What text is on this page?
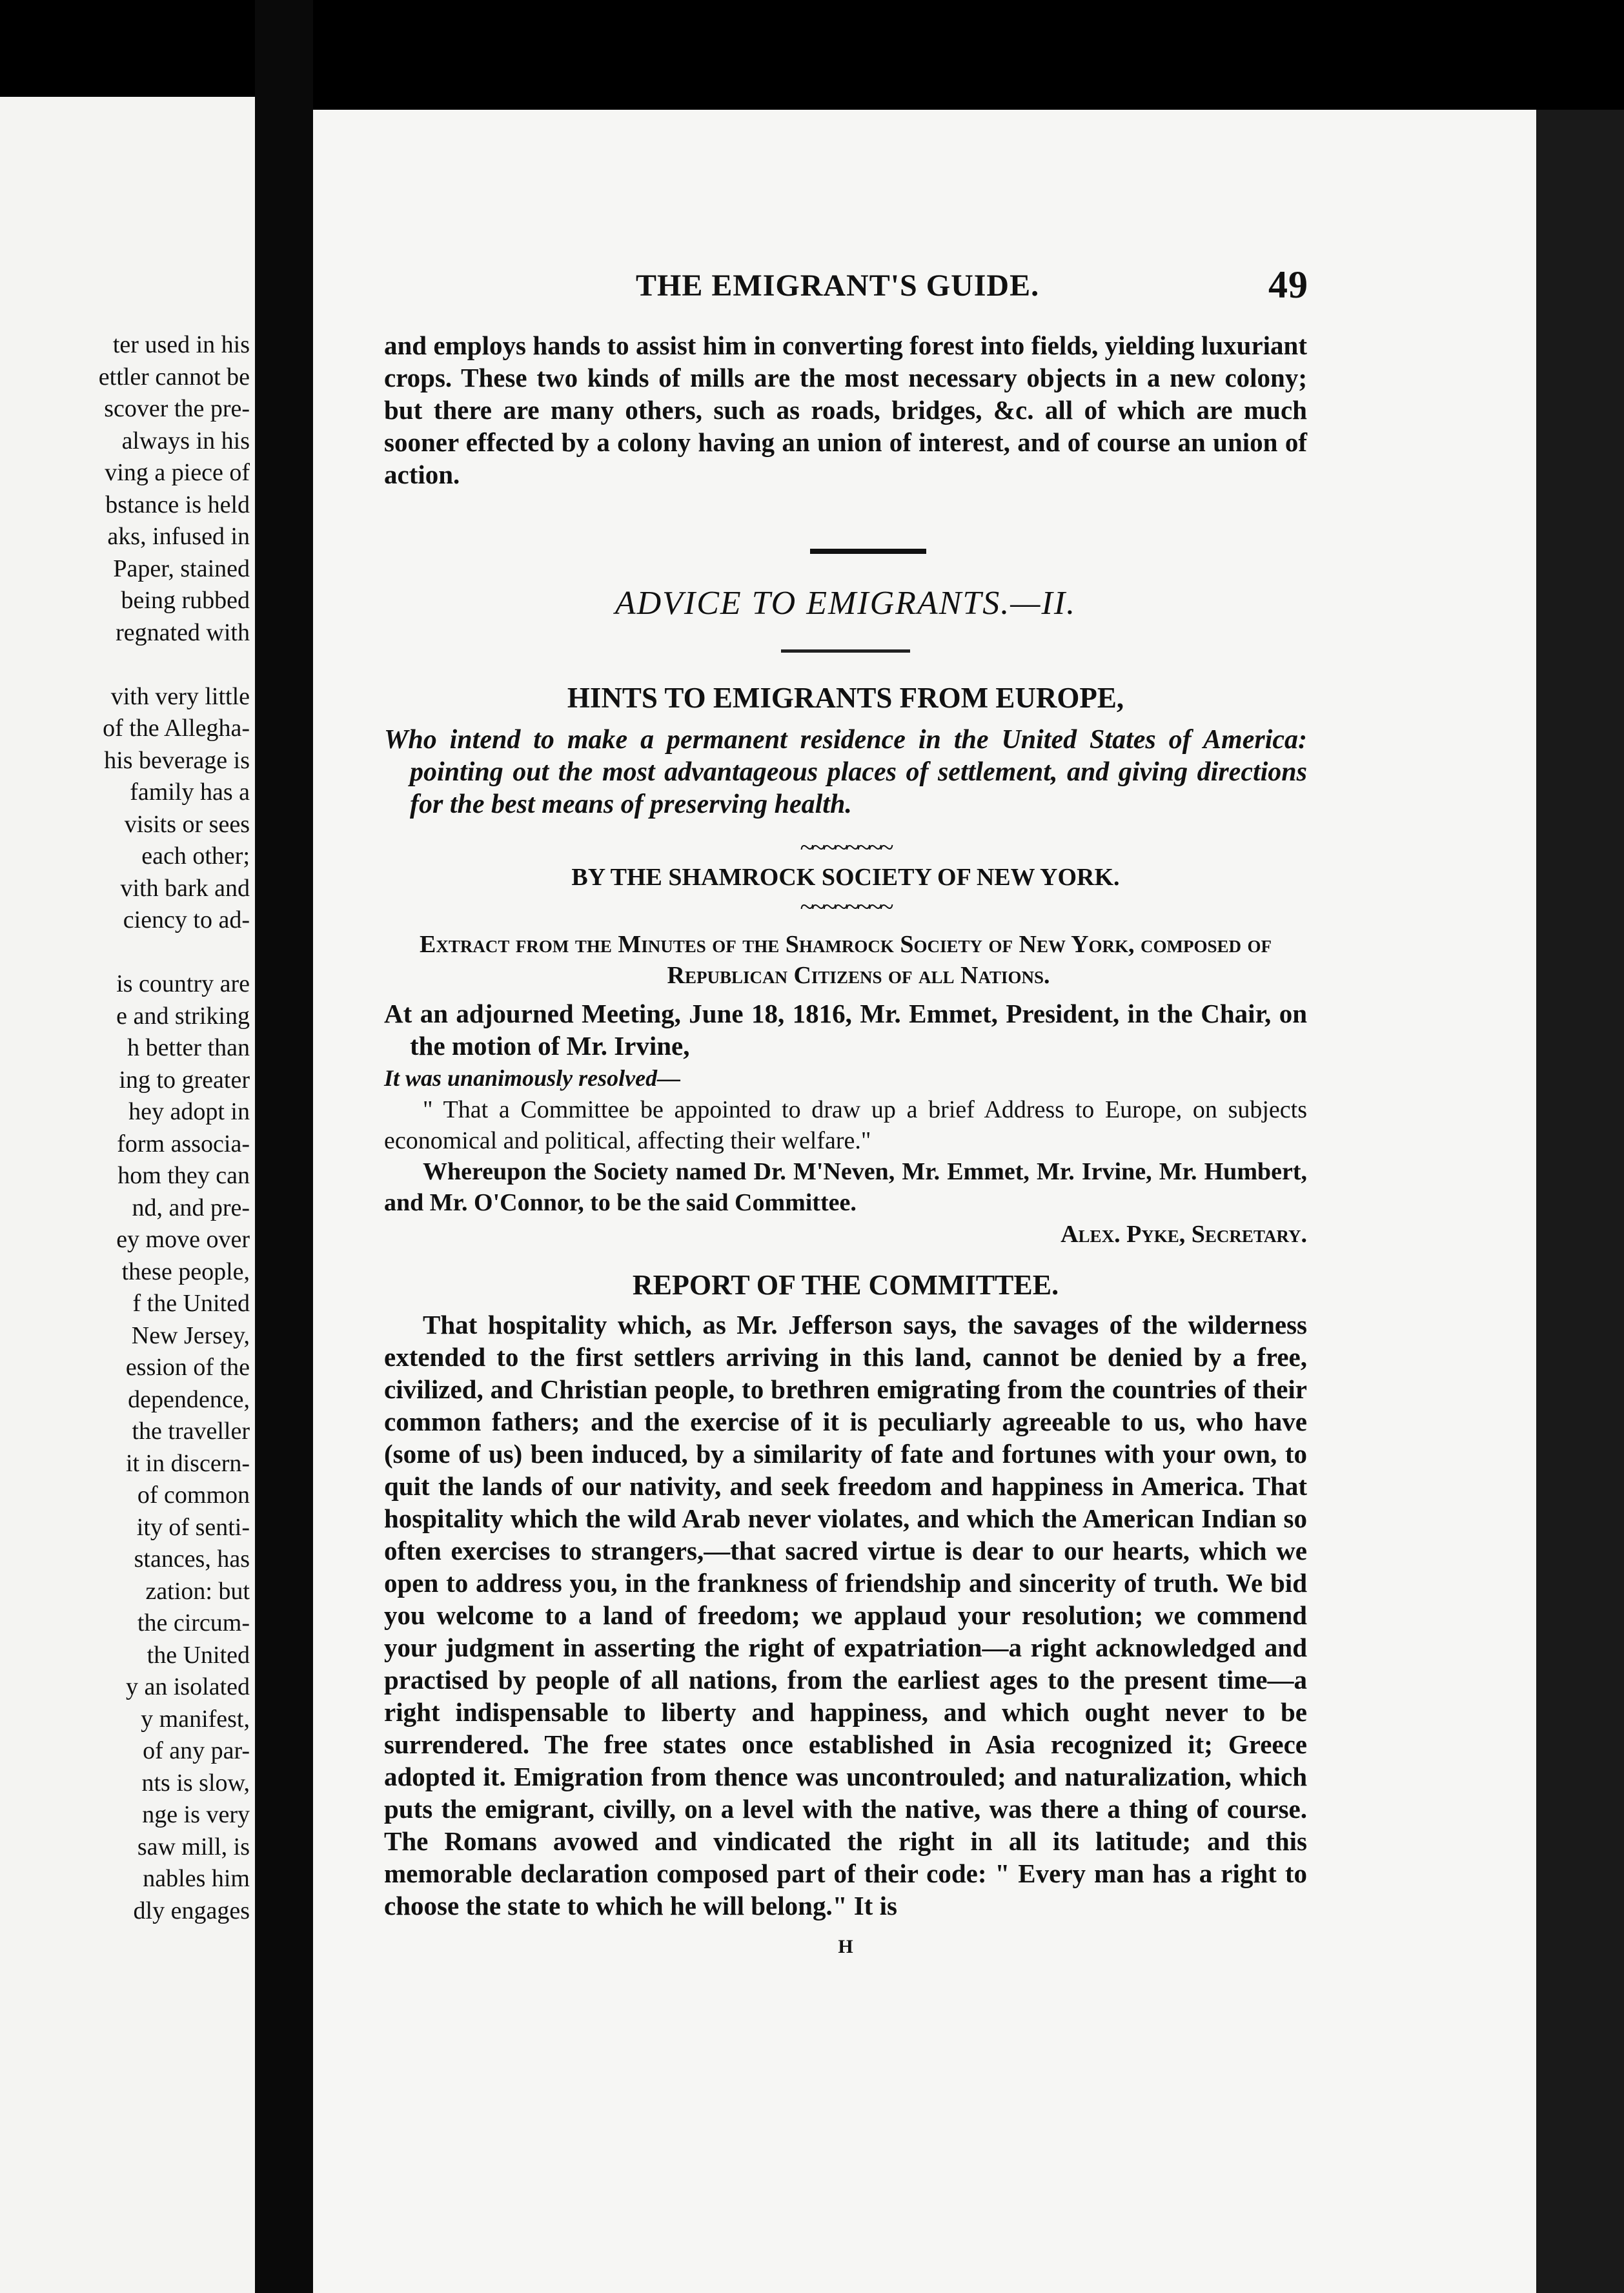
ter used in his
ettler cannot be
scover the pre-
always in his
ving a piece of
bstance is held
aks, infused in
Paper, stained
being rubbed
regnated with
vith very little
of the Allegha-
his beverage is
family has a
visits or sees
each other;
vith bark and
ciency to ad-
is country are
e and striking
h better than
ing to greater
hey adopt in
form associa-
hom they can
nd, and pre-
ey move over
these people,
f the United
New Jersey,
ession of the
dependence,
the traveller
it in discern-
of common
ity of senti-
stances, has
zation: but
the circum-
the United
y an isolated
y manifest,
of any par-
nts is slow,
nge is very
saw mill, is
nables him
dly engages
THE EMIGRANT'S GUIDE.	49

and employs hands to assist him in converting forest into fields, yielding luxuriant crops. These two kinds of mills are the most necessary objects in a new colony; but there are many others, such as roads, bridges, &c. all of which are much sooner effected by a colony having an union of interest, and of course an union of action.

ADVICE TO EMIGRANTS.—II.

HINTS TO EMIGRANTS FROM EUROPE,

Who intend to make a permanent residence in the United States of America: pointing out the most advantageous places of settlement, and giving directions for the best means of preserving health.

~~~~~~~~

BY THE SHAMROCK SOCIETY OF NEW YORK.

~~~~~~~~

Extract from the Minutes of the Shamrock Society of New York, composed of Republican Citizens of all Nations.

At an adjourned Meeting, June 18, 1816, Mr. Emmet, President, in the Chair, on the motion of Mr. Irvine,

It was unanimously resolved—

" That a Committee be appointed to draw up a brief Address to Europe, on subjects economical and political, affecting their welfare."

Whereupon the Society named Dr. M'Neven, Mr. Emmet, Mr. Irvine, Mr. Humbert, and Mr. O'Connor, to be the said Committee.

Alex. Pyke, Secretary.

REPORT OF THE COMMITTEE.

That hospitality which, as Mr. Jefferson says, the savages of the wilderness extended to the first settlers arriving in this land, cannot be denied by a free, civilized, and Christian people, to brethren emigrating from the countries of their common fathers; and the exercise of it is peculiarly agreeable to us, who have (some of us) been induced, by a similarity of fate and fortunes with your own, to quit the lands of our nativity, and seek freedom and happiness in America. That hospitality which the wild Arab never violates, and which the American Indian so often exercises to strangers,—that sacred virtue is dear to our hearts, which we open to address you, in the frankness of friendship and sincerity of truth. We bid you welcome to a land of freedom; we applaud your resolution; we commend your judgment in asserting the right of expatriation—a right acknowledged and practised by people of all nations, from the earliest ages to the present time—a right indispensable to liberty and happiness, and which ought never to be surrendered. The free states once established in Asia recognized it; Greece adopted it. Emigration from thence was uncontrouled; and naturalization, which puts the emigrant, civilly, on a level with the native, was there a thing of course. The Romans avowed and vindicated the right in all its latitude; and this memorable declaration composed part of their code: " Every man has a right to choose the state to which he will belong." It is

H
